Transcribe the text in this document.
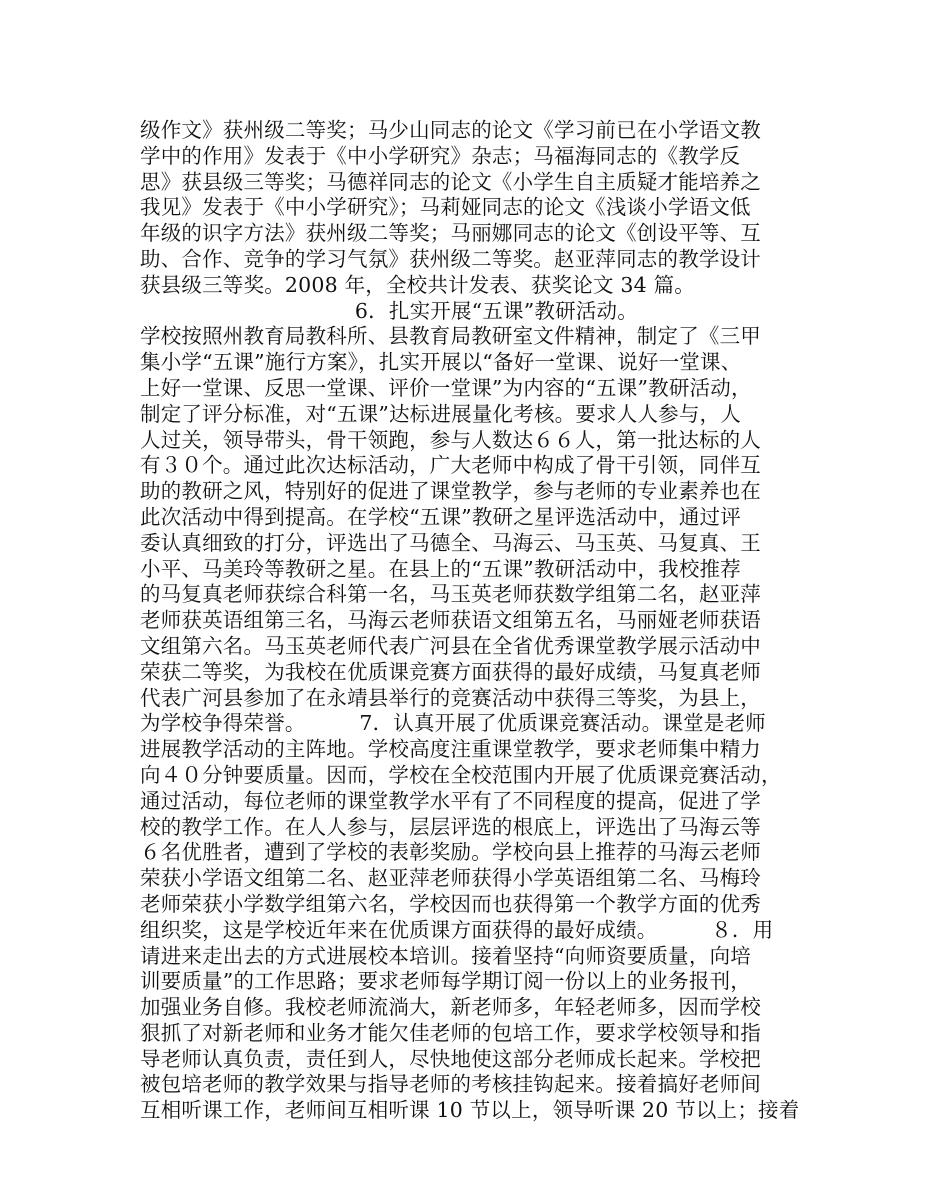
级作文》获州级二等奖；马少山同志的论文《学习前已在小学语文教
学中的作用》发表于《中小学研究》杂志；马福海同志的《教学反
思》获县级三等奖；马德祥同志的论文《小学生自主质疑才能培养之
我见》发表于《中小学研究》；马莉娅同志的论文《浅谈小学语文低
年级的识字方法》获州级二等奖；马丽娜同志的论文《创设平等、互
助、合作、竞争的学习气氛》获州级二等奖。赵亚萍同志的教学设计
获县级三等奖。2008 年，全校共计发表、获奖论文 34 篇。
6．扎实开展“五课”教研活动。
学校按照州教育局教科所、县教育局教研室文件精神，制定了《三甲
集小学“五课”施行方案》，扎实开展以“备好一堂课、说好一堂课、
上好一堂课、反思一堂课、评价一堂课”为内容的“五课”教研活动，
制定了评分标准，对“五课”达标进展量化考核。要求人人参与，人
人过关，领导带头，骨干领跑，参与人数达６６人，第一批达标的人
有３０个。通过此次达标活动，广大老师中构成了骨干引领，同伴互
助的教研之风，特别好的促进了课堂教学，参与老师的专业素养也在
此次活动中得到提高。在学校“五课”教研之星评选活动中，通过评
委认真细致的打分，评选出了马德全、马海云、马玉英、马复真、王
小平、马美玲等教研之星。在县上的“五课”教研活动中，我校推荐
的马复真老师获综合科第一名，马玉英老师获数学组第二名，赵亚萍
老师获英语组第三名，马海云老师获语文组第五名，马丽娅老师获语
文组第六名。马玉英老师代表广河县在全省优秀课堂教学展示活动中
荣获二等奖，为我校在优质课竞赛方面获得的最好成绩，马复真老师
代表广河县参加了在永靖县举行的竞赛活动中获得三等奖，为县上，
为学校争得荣誉。        7．认真开展了优质课竞赛活动。课堂是老师
进展教学活动的主阵地。学校高度注重课堂教学，要求老师集中精力
向４０分钟要质量。因而，学校在全校范围内开展了优质课竞赛活动，
通过活动，每位老师的课堂教学水平有了不同程度的提高，促进了学
校的教学工作。在人人参与，层层评选的根底上，评选出了马海云等
６名优胜者，遭到了学校的表彰奖励。学校向县上推荐的马海云老师
荣获小学语文组第二名、赵亚萍老师获得小学英语组第二名、马梅玲
老师荣获小学数学组第六名，学校因而也获得第一个教学方面的优秀
组织奖，这是学校近年来在优质课方面获得的最好成绩。        ８．用
请进来走出去的方式进展校本培训。接着坚持“向师资要质量，向培
训要质量”的工作思路；要求老师每学期订阅一份以上的业务报刊，
加强业务自修。我校老师流淌大，新老师多，年轻老师多，因而学校
狠抓了对新老师和业务才能欠佳老师的包培工作，要求学校领导和指
导老师认真负责，责任到人，尽快地使这部分老师成长起来。学校把
被包培老师的教学效果与指导老师的考核挂钩起来。接着搞好老师间
互相听课工作，老师间互相听课 10 节以上，领导听课 20 节以上；接着
